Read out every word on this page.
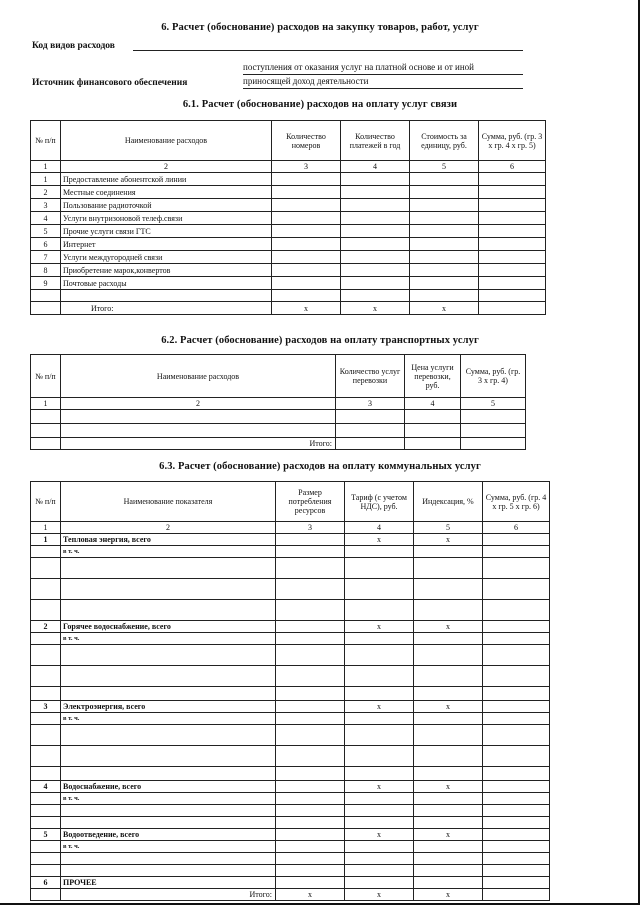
6. Расчет (обоснование) расходов на закупку товаров, работ, услуг
Код видов расходов
поступления от оказания услуг на платной основе и от иной
Источник финансового обеспечения	приносящей доход деятельности
6.1. Расчет (обоснование) расходов на оплату услуг связи
№ п/п	Наименование расходов	Количество номеров	Количество платежей в год	Стоимость за единицу, руб.	Сумма, руб. (гр. 3 х гр. 4 х гр. 5)
1	2	3	4	5	6
1	Предоставление абонентской линии				
2	Местные соединения				
3	Пользование радиоточкой				
4	Услуги внутризоновой телеф.связи				
5	Прочие услуги связи ГТС				
6	Интернет				
7	Услуги междугородней связи				
8	Приобретение марок,конвертов				
9	Почтовые расходы				

	Итого:	x	x	x	
6.2. Расчет (обоснование) расходов на оплату транспортных услуг
№ п/п	Наименование расходов	Количество услуг перевозки	Цена услуги перевозки, руб.	Сумма, руб. (гр. 3 х гр. 4)
1	2	3	4	5

	Итого:			
6.3. Расчет (обоснование) расходов на оплату коммунальных услуг
№ п/п	Наименование показателя	Размер потребления ресурсов	Тариф (с учетом НДС), руб.	Индексация, %	Сумма, руб. (гр. 4 х гр. 5 х гр. 6)
1	2	3	4	5	6
1	Тепловая энергия, всего		x	x	
	в т. ч.				

2	Горячее водоснабжение, всего		x	x	
	в т. ч.				

3	Электроэнергия, всего		x	x	
	в т. ч.				

4	Водоснабжение, всего		x	x	
	в т. ч.				

5	Водоотведение, всего		x	x	
	в т. ч.				

6	ПРОЧЕЕ				
	Итого:	x	x	x	
